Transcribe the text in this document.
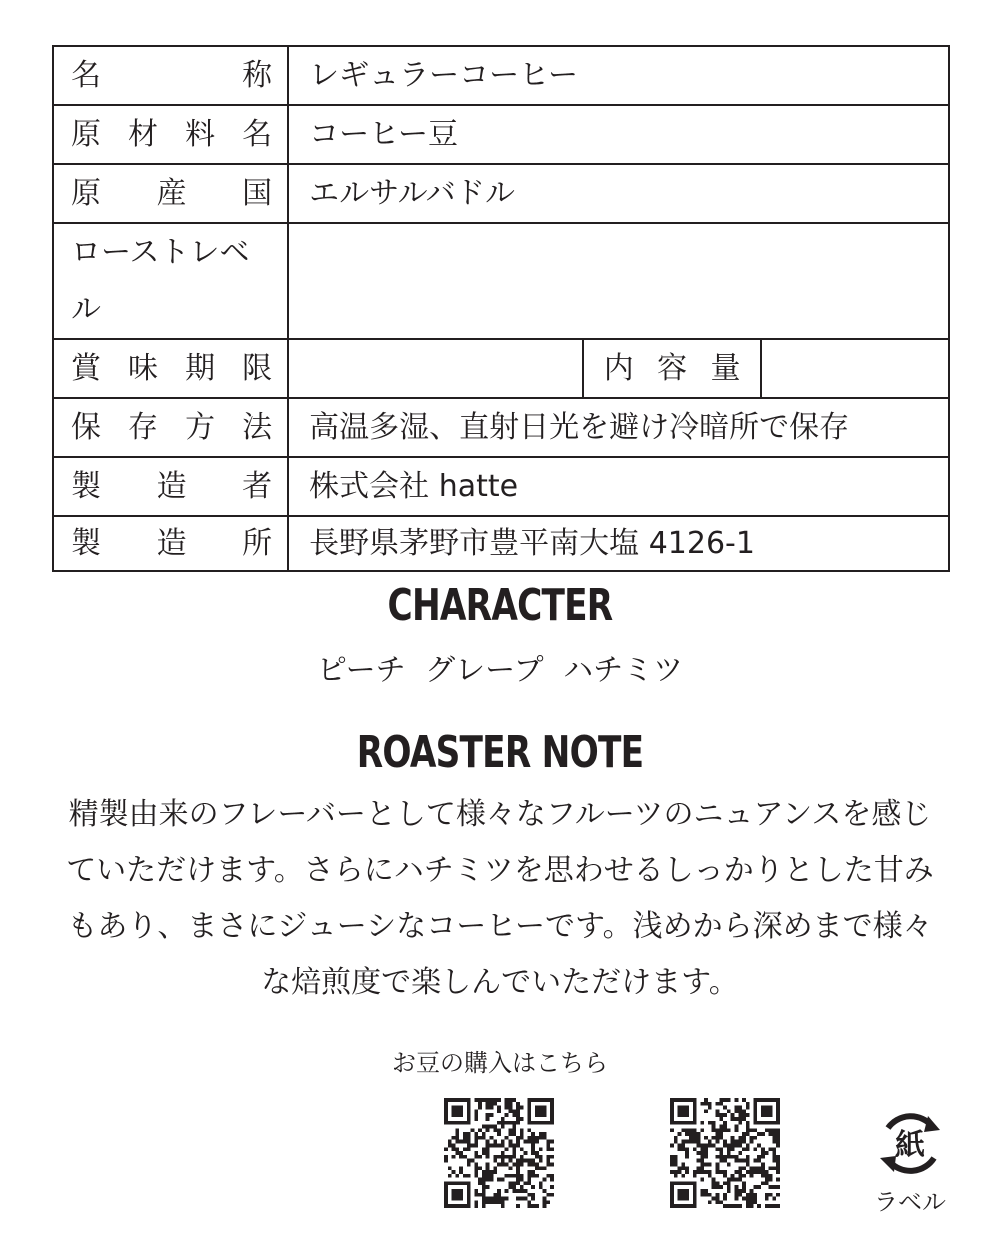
名 称	レギュラーコーヒー		

原 材 料 名	コーヒー豆		

原 産 国	エルサルバドル		

ローストレベル			

賞 味 期 限		内 容 量	

保 存 方 法	高温多湿、直射日光を避け冷暗所で保存		

製 造 者	株式会社 hatte		

製 造 所	長野県茅野市豊平南大塩 4126-1		
CHARACTER
ピーチ グレープ ハチミツ
ROASTER NOTE
精製由来のフレーバーとして様々なフルーツのニュアンスを感じ
ていただけます。さらにハチミツを思わせるしっかりとした甘み
もあり、まさにジューシなコーヒーです。浅めから深めまで様々
な焙煎度で楽しんでいただけます。
お豆の購入はこちら
紙
ラベル
